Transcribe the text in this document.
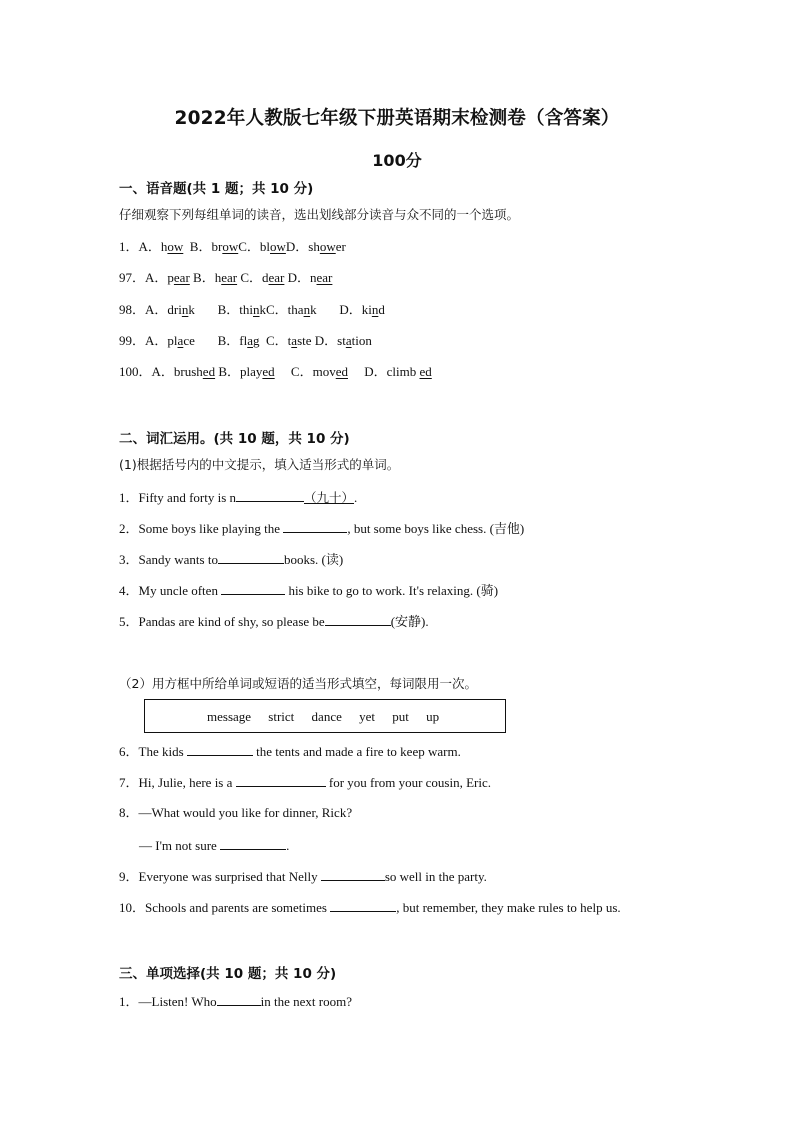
2022年人教版七年级下册英语期末检测卷（含答案）
100分
一、语音题(共 1 题；共 10 分)
仔细观察下列每组单词的读音，选出划线部分读音与众不同的一个选项。
1．A．how  B．browC．blowD．shower
97．A．pear B．hear C．dear D．near
98．A．drink       B．thinkC．thank       D．kind
99．A．place       B．flag  C．taste D．station
100．A．brushed B．played     C．moved     D．climb ed
二、词汇运用。(共 10 题，共 10 分)
(1)根据括号内的中文提示，填入适当形式的单词。
1．Fifty and forty is n	（九十）.
2．Some boys like playing the	, but some boys like chess. (吉他)
3．Sandy wants to	books. (读)
4．My uncle often	his bike to go to work. It's relaxing. (骑)
5．Pandas are kind of shy, so please be	(安静).
（2）用方框中所给单词或短语的适当形式填空，每词限用一次。
message strict dance yet put up
6．The kids	the tents and made a fire to keep warm.
7．Hi, Julie, here is a	for you from your cousin, Eric.
8．—What would you like for dinner, Rick?
— I'm not sure	.
9．Everyone was surprised that Nelly	so well in the party.
10．Schools and parents are sometimes	, but remember, they make rules to help us.
三、单项选择(共 10 题；共 10 分)
1．—Listen! Who	in the next room?
